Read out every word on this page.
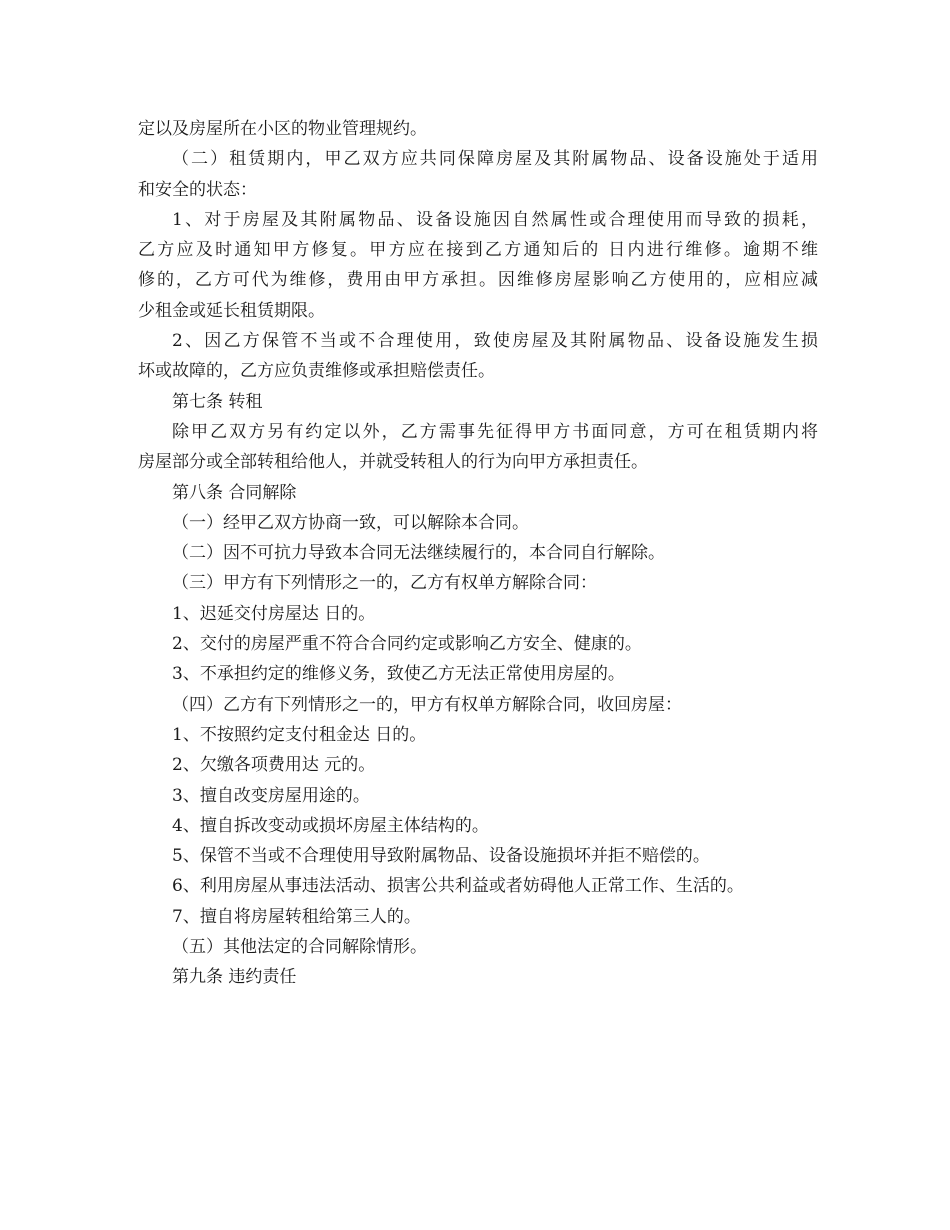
定以及房屋所在小区的物业管理规约。
（二）租赁期内，甲乙双方应共同保障房屋及其附属物品、设备设施处于适用
和安全的状态：
1、对于房屋及其附属物品、设备设施因自然属性或合理使用而导致的损耗，
乙方应及时通知甲方修复。甲方应在接到乙方通知后的 日内进行维修。逾期不维
修的，乙方可代为维修，费用由甲方承担。因维修房屋影响乙方使用的，应相应减
少租金或延长租赁期限。
2、因乙方保管不当或不合理使用，致使房屋及其附属物品、设备设施发生损
坏或故障的，乙方应负责维修或承担赔偿责任。
第七条 转租
除甲乙双方另有约定以外，乙方需事先征得甲方书面同意，方可在租赁期内将
房屋部分或全部转租给他人，并就受转租人的行为向甲方承担责任。
第八条 合同解除
（一）经甲乙双方协商一致，可以解除本合同。
（二）因不可抗力导致本合同无法继续履行的，本合同自行解除。
（三）甲方有下列情形之一的，乙方有权单方解除合同：
1、迟延交付房屋达 日的。
2、交付的房屋严重不符合合同约定或影响乙方安全、健康的。
3、不承担约定的维修义务，致使乙方无法正常使用房屋的。
（四）乙方有下列情形之一的，甲方有权单方解除合同，收回房屋：
1、不按照约定支付租金达 日的。
2、欠缴各项费用达 元的。
3、擅自改变房屋用途的。
4、擅自拆改变动或损坏房屋主体结构的。
5、保管不当或不合理使用导致附属物品、设备设施损坏并拒不赔偿的。
6、利用房屋从事违法活动、损害公共利益或者妨碍他人正常工作、生活的。
7、擅自将房屋转租给第三人的。
（五）其他法定的合同解除情形。
第九条 违约责任
